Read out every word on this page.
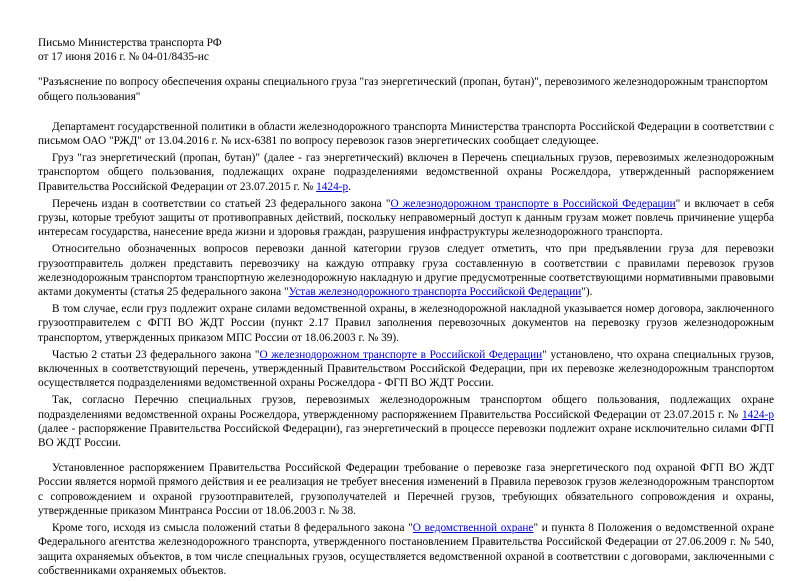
Письмо Министерства транспорта РФ
от 17 июня 2016 г. № 04-01/8435-ис
"Разъяснение по вопросу обеспечения охраны специального груза "газ энергетический (пропан, бутан)", перевозимого железнодорожным транспортом общего пользования"

Департамент государственной политики в области железнодорожного транспорта Министерства транспорта Российской Федерации в соответствии с письмом ОАО "РЖД" от 13.04.2016 г. № исх-6381 по вопросу перевозок газов энергетических сообщает следующее.

Груз "газ энергетический (пропан, бутан)" (далее - газ энергетический) включен в Перечень специальных грузов, перевозимых железнодорожным транспортом общего пользования, подлежащих охране подразделениями ведомственной охраны Росжелдора, утвержденный распоряжением Правительства Российской Федерации от 23.07.2015 г. № 1424-р.

Перечень издан в соответствии со статьей 23 федерального закона "О железнодорожном транспорте в Российской Федерации" и включает в себя грузы, которые требуют защиты от противоправных действий, поскольку неправомерный доступ к данным грузам может повлечь причинение ущерба интересам государства, нанесение вреда жизни и здоровья граждан, разрушения инфраструктуры железнодорожного транспорта.

Относительно обозначенных вопросов перевозки данной категории грузов следует отметить, что при предъявлении груза для перевозки грузоотправитель должен представить перевозчику на каждую отправку груза составленную в соответствии с правилами перевозок грузов железнодорожным транспортом транспортную железнодорожную накладную и другие предусмотренные соответствующими нормативными правовыми актами документы (статья 25 федерального закона "Устав железнодорожного транспорта Российской Федерации").

В том случае, если груз подлежит охране силами ведомственной охраны, в железнодорожной накладной указывается номер договора, заключенного грузоотправителем с ФГП ВО ЖДТ России (пункт 2.17 Правил заполнения перевозочных документов на перевозку грузов железнодорожным транспортом, утвержденных приказом МПС России от 18.06.2003 г. № 39).

Частью 2 статьи 23 федерального закона "О железнодорожном транспорте в Российской Федерации" установлено, что охрана специальных грузов, включенных в соответствующий перечень, утвержденный Правительством Российской Федерации, при их перевозке железнодорожным транспортом осуществляется подразделениями ведомственной охраны Росжелдора - ФГП ВО ЖДТ России.

Так, согласно Перечню специальных грузов, перевозимых железнодорожным транспортом общего пользования, подлежащих охране подразделениями ведомственной охраны Росжелдора, утвержденному распоряжением Правительства Российской Федерации от 23.07.2015 г. № 1424-р (далее - распоряжение Правительства Российской Федерации), газ энергетический в процессе перевозки подлежит охране исключительно силами ФГП ВО ЖДТ России.

Установленное распоряжением Правительства Российской Федерации требование о перевозке газа энергетического под охраной ФГП ВО ЖДТ России является нормой прямого действия и ее реализация не требует внесения изменений в Правила перевозок грузов железнодорожным транспортом с сопровождением и охраной грузоотправителей, грузополучателей и Перечней грузов, требующих обязательного сопровождения и охраны, утвержденные приказом Минтранса России от 18.06.2003 г. № 38.

Кроме того, исходя из смысла положений статьи 8 федерального закона "О ведомственной охране" и пункта 8 Положения о ведомственной охране Федерального агентства железнодорожного транспорта, утвержденного постановлением Правительства Российской Федерации от 27.06.2009 г. № 540, защита охраняемых объектов, в том числе специальных грузов, осуществляется ведомственной охраной в соответствии с договорами, заключенными с собственниками охраняемых объектов.
